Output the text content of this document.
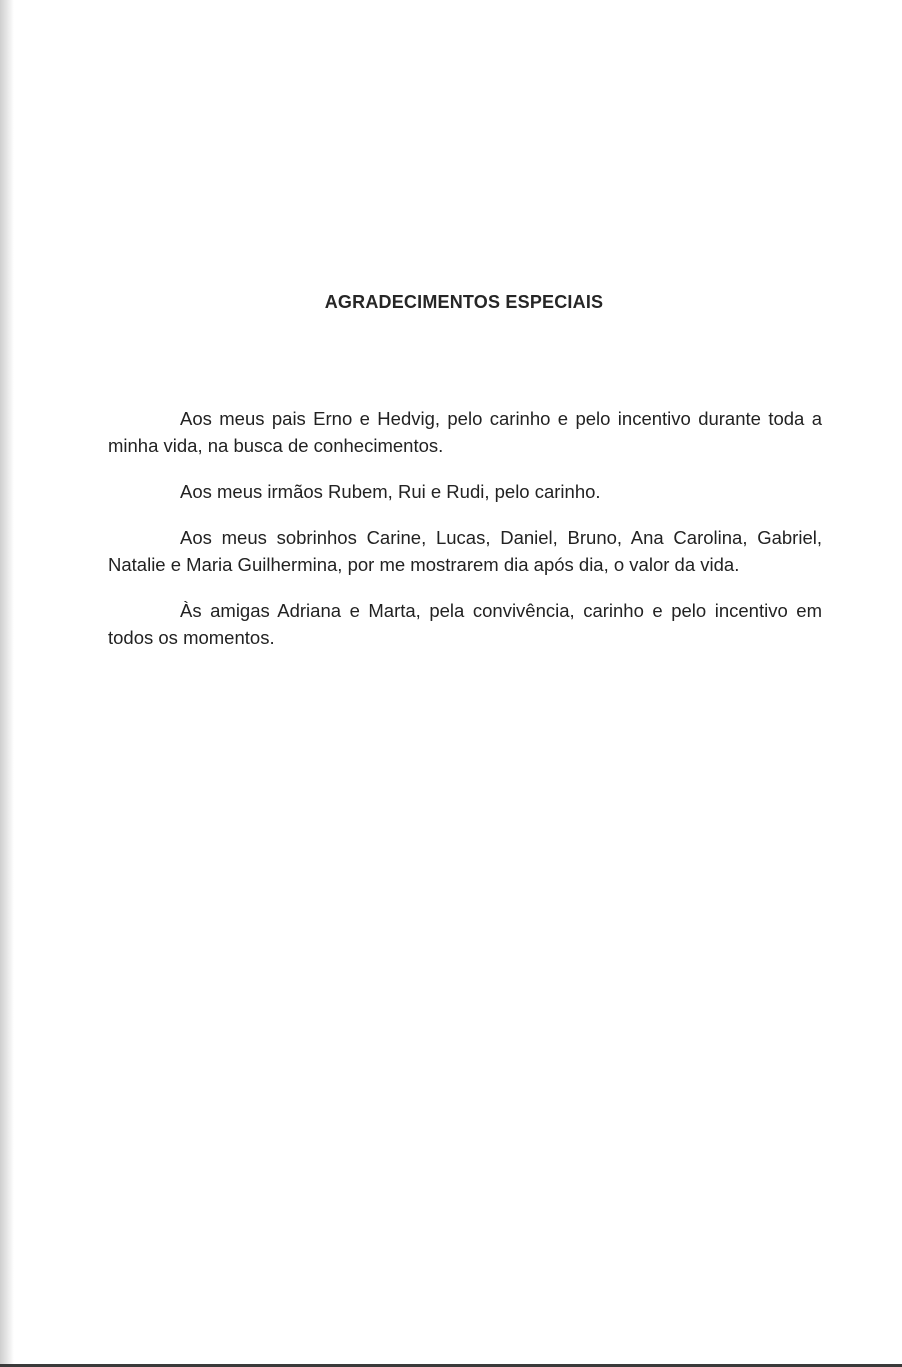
AGRADECIMENTOS ESPECIAIS

Aos meus pais Erno e Hedvig, pelo carinho e pelo incentivo durante toda a minha vida, na busca de conhecimentos.

Aos meus irmãos Rubem, Rui e Rudi, pelo carinho.

Aos meus sobrinhos Carine, Lucas, Daniel, Bruno, Ana Carolina, Gabriel, Natalie e Maria Guilhermina, por me mostrarem dia após dia, o valor da vida.

Às amigas Adriana e Marta, pela convivência, carinho e pelo incentivo em todos os momentos.
